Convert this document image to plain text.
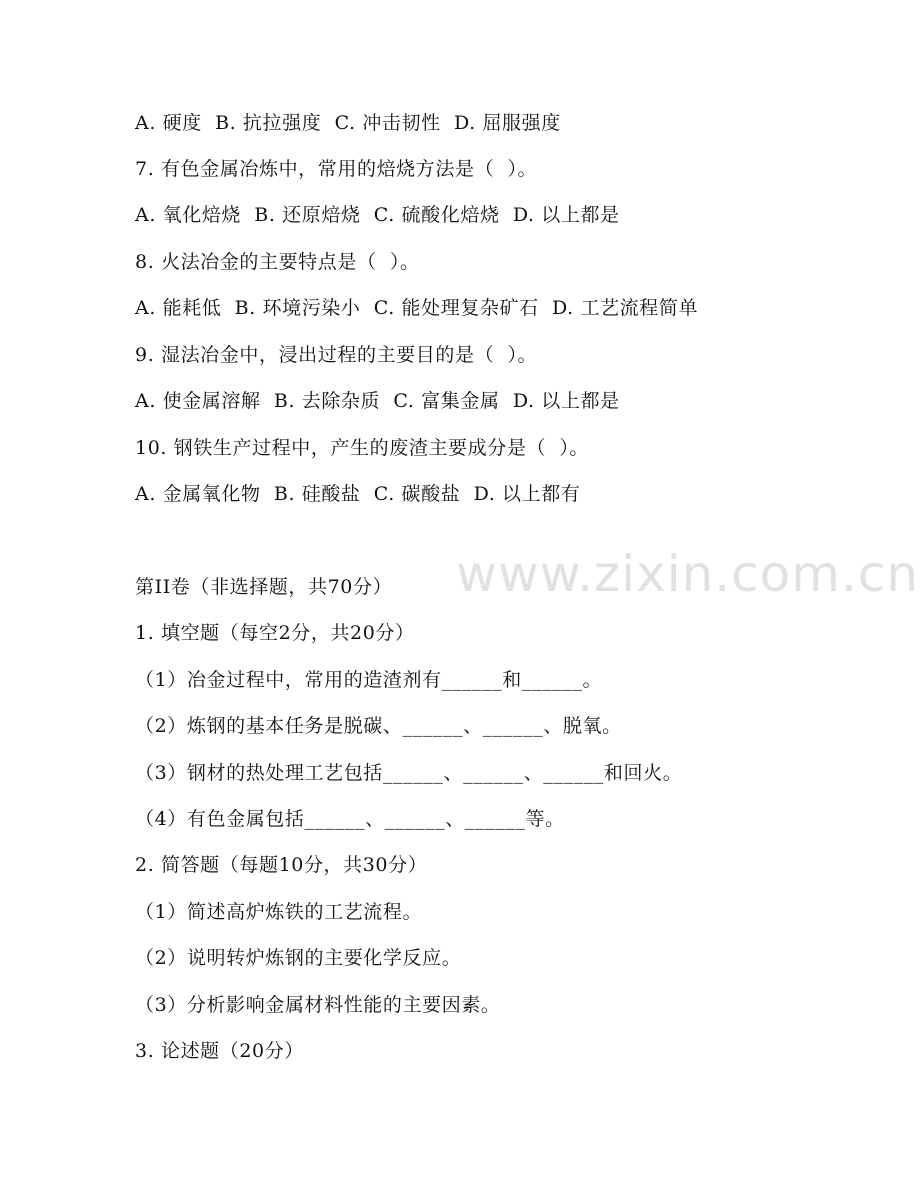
A. 硬度  B. 抗拉强度  C. 冲击韧性  D. 屈服强度
7. 有色金属冶炼中，常用的焙烧方法是（  ）。
A. 氧化焙烧  B. 还原焙烧  C. 硫酸化焙烧  D. 以上都是
8. 火法冶金的主要特点是（  ）。
A. 能耗低  B. 环境污染小  C. 能处理复杂矿石  D. 工艺流程简单
9. 湿法冶金中，浸出过程的主要目的是（  ）。
A. 使金属溶解  B. 去除杂质  C. 富集金属  D. 以上都是
10. 钢铁生产过程中，产生的废渣主要成分是（  ）。
A. 金属氧化物  B. 硅酸盐  C. 碳酸盐  D. 以上都有
第II卷（非选择题，共70分）
1. 填空题（每空2分，共20分）
（1）冶金过程中，常用的造渣剂有______和______。
（2）炼钢的基本任务是脱碳、______、______、脱氧。
（3）钢材的热处理工艺包括______、______、______和回火。
（4）有色金属包括______、______、______等。
2. 简答题（每题10分，共30分）
（1）简述高炉炼铁的工艺流程。
（2）说明转炉炼钢的主要化学反应。
（3）分析影响金属材料性能的主要因素。
3. 论述题（20分）
www.zixin.com.cn
